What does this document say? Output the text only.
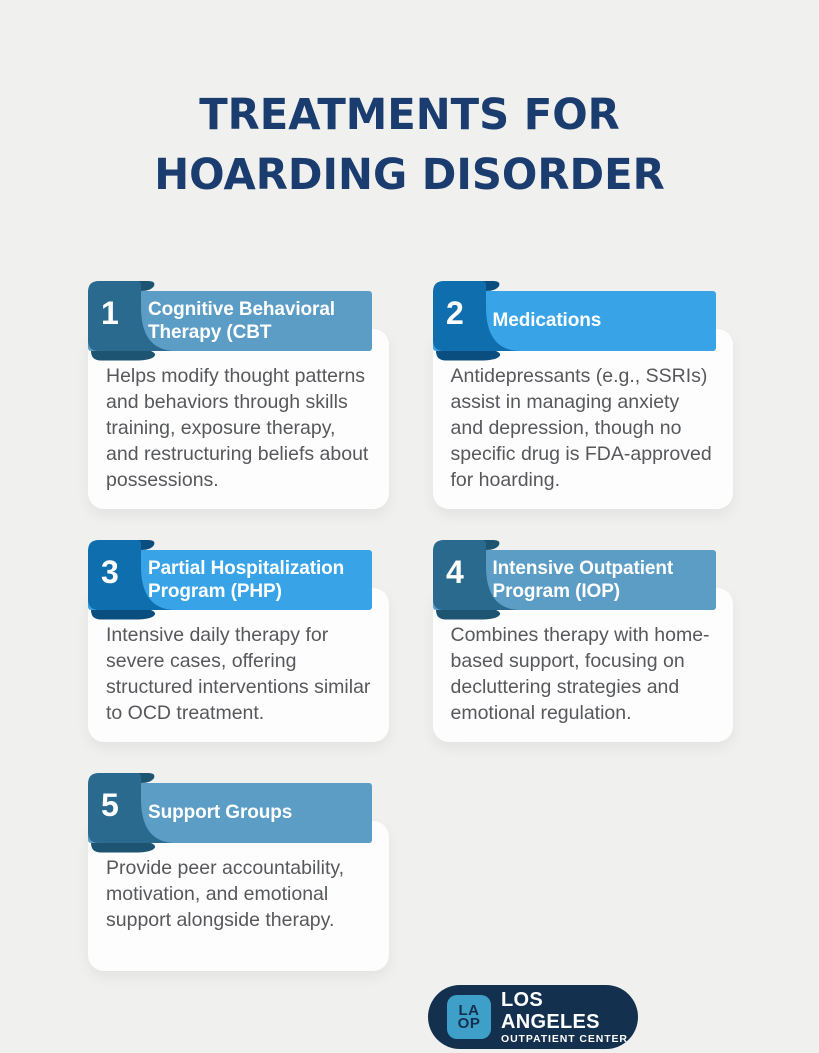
TREATMENTS FOR
HOARDING DISORDER
Cognitive Behavioral
Therapy (CBT
1

Helps modify thought patterns and behaviors through skills training, exposure therapy, and restructuring beliefs about possessions.

Medications
2

Antidepressants (e.g., SSRIs) assist in managing anxiety and depression, though no specific drug is FDA-approved for hoarding.

Partial Hospitalization
Program (PHP)
3

Intensive daily therapy for severe cases, offering structured interventions similar to OCD treatment.

Intensive Outpatient
Program (IOP)
4

Combines therapy with home-based support, focusing on decluttering strategies and emotional regulation.

Support Groups
5

Provide peer accountability, motivation, and emotional support alongside therapy.

LA
OP
LOS ANGELES
OUTPATIENT CENTER
